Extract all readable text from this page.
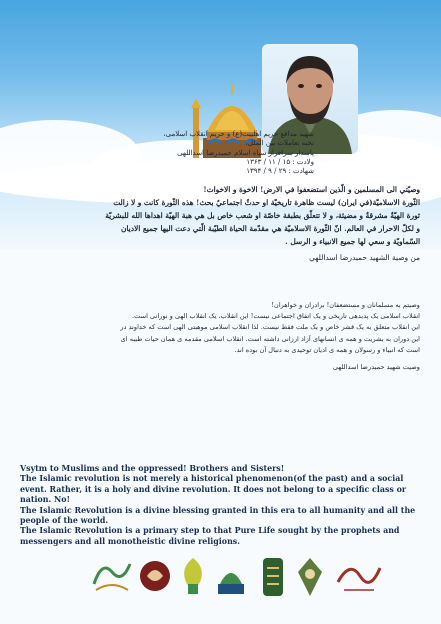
شهید مدافع حریم اهلیبت(ع) و حریم انقلاب اسلامی،
نخبه تعاملات بین الملل،
پاسدار سرافراز سپاه اسلام حمیدرضا اسداللهی
ولادت : ۱۵ / ۱۱ / ۱۳۶۳
شهادت : ۲۹ / ۹ / ۱۳۹۴
وصيّتي الى المسلمين و الّذين استضعفوا في الارض! الاخوة و الاخوات!
الثّورة الاسلاميّة(في ايران) ليست ظاهرة تاريخيّة او حدثٌ اجتماعيٌ بحث! هذه الثّورة كانت و لا زالت
ثورة الهيّةٌ مشرقةٌ و مضيئة، و لا تتعلّق بطبقة خاصّة او شعب خاص بل هي هبة الهيّة اهداها الله للبشريّة
و لكلّ الاحرار في العالم. انّ الثّورة الاسلاميّة هي مقدّمة الحياة الطيّبة الّتي دعت اليها جميع الاديان
السّماويّة و سعي لها جميع الانبياء و الرسل .
من وصية الشهيد حميدرضا اسداللهي
وصیتم به مسلمانان و مستضعفان! برادران و خواهران!
انقلاب اسلامی یک پدیدهی تاریخی و یک اتفاق اجتماعی نیست! این انقلاب، یک انقلاب الهی و نورانی است.
این انقلاب متعلق به یک قشر خاص و یک ملت فقط نیست. لذا انقلاب اسلامی موهبتی الهی است که خداوند در
این دوران به بشریت و همه ی انسانهای آزاد ارزانی داشته است. انقلاب اسلامی مقدمه ی همان حیات طیبه ای
است که انبیاء و رسولان و همه ی ادیان توحیدی به دنبال آن بوده اند.
وصیت شهید حمیدرضا اسداللهی

Vsytm to Muslims and the oppressed! Brothers and Sisters!

The Islamic revolution is not merely a historical phenomenon(of the past) and a social event. Rather, it is a holy and divine revolution. It does not belong to a specific class or nation. No!

The Islamic Revolution is a divine blessing granted in this era to all humanity and all the people of the world.

The Islamic Revolution is a primary step to that Pure Life sought by the prophets and messengers and all monotheistic divine religions.
